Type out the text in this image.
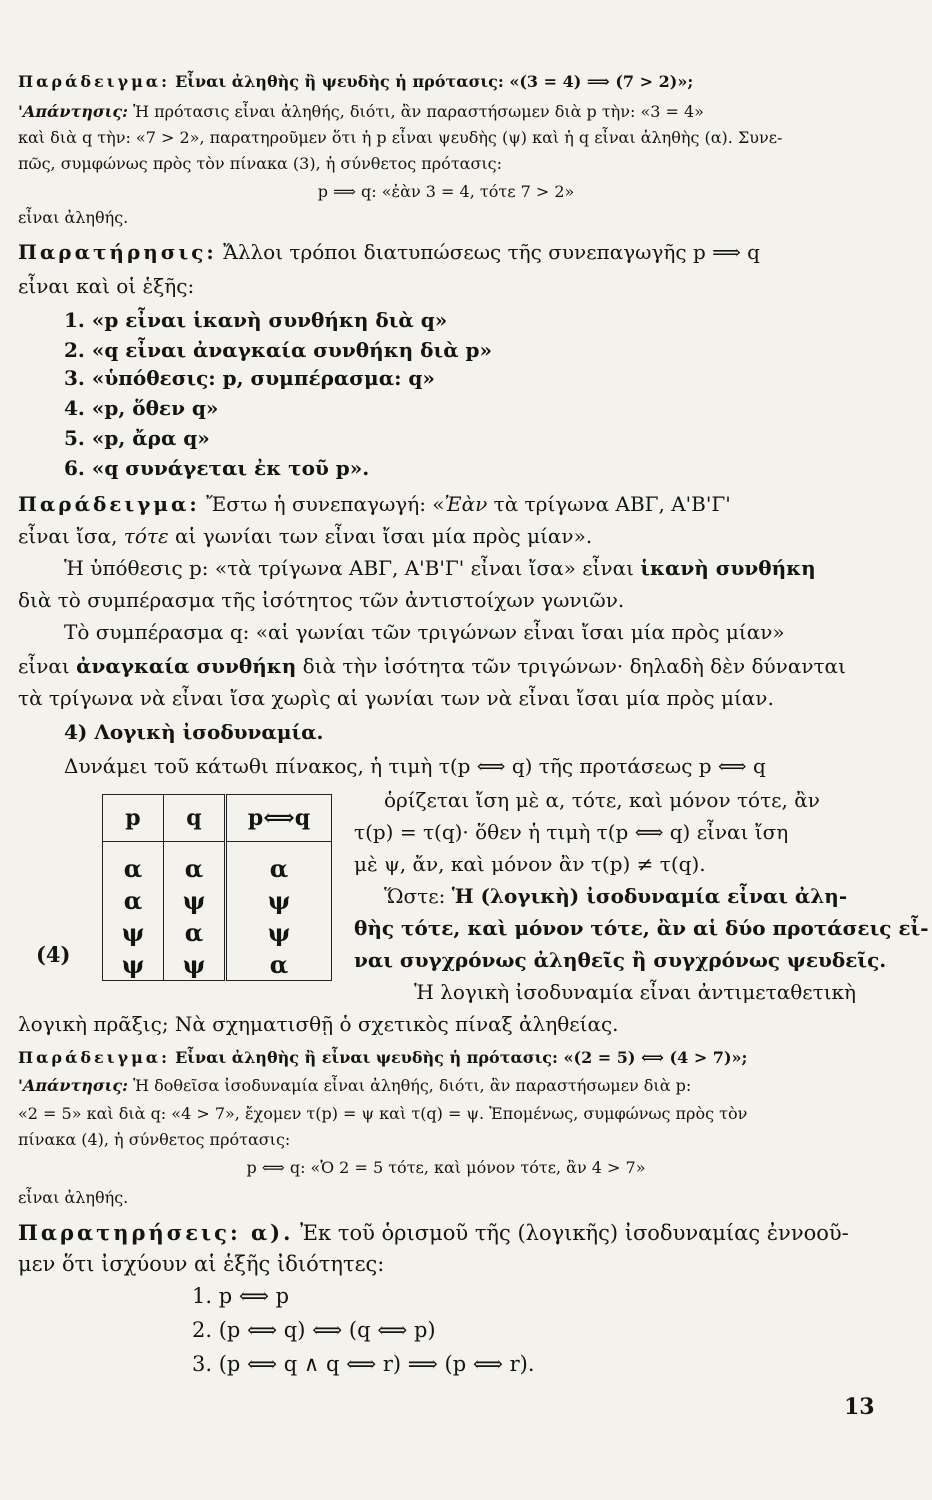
Παράδειγμα: Εἶναι ἀληθὴς ἢ ψευδὴς ἡ πρότασις: «(3 = 4) ⟹ (7 > 2)»;
'Απάντησις: Ἡ πρότασις εἶναι ἀληθής, διότι, ἂν παραστήσωμεν διὰ p τὴν: «3 = 4»
καὶ διὰ q τὴν: «7 > 2», παρατηροῦμεν ὅτι ἡ p εἶναι ψευδὴς (ψ) καὶ ἡ q εἶναι ἀληθὴς (α). Συνε-
πῶς, συμφώνως πρὸς τὸν πίνακα (3), ἡ σύνθετος πρότασις:
p ⟹ q: «ἐὰν 3 = 4, τότε 7 > 2»
εἶναι ἀληθής.
Παρατήρησις: Ἄλλοι τρόποι διατυπώσεως τῆς συνεπαγωγῆς p ⟹ q
εἶναι καὶ οἱ ἑξῆς:
1. «p εἶναι ἱκανὴ συνθήκη διὰ q»
2. «q εἶναι ἀναγκαία συνθήκη διὰ p»
3. «ὑπόθεσις: p, συμπέρασμα: q»
4. «p, ὅθεν q»
5. «p, ἄρα q»
6. «q συνάγεται ἐκ τοῦ p».
Παράδειγμα: Ἔστω ἡ συνεπαγωγή: «Ἐὰν τὰ τρίγωνα ΑΒΓ, Α'Β'Γ'
εἶναι ἴσα, τότε αἱ γωνίαι των εἶναι ἴσαι μία πρὸς μίαν».
Ἡ ὑπόθεσις p: «τὰ τρίγωνα ΑΒΓ, Α'Β'Γ' εἶναι ἴσα» εἶναι ἱκανὴ συνθήκη
διὰ τὸ συμπέρασμα τῆς ἰσότητος τῶν ἀντιστοίχων γωνιῶν.
Τὸ συμπέρασμα q: «αἱ γωνίαι τῶν τριγώνων εἶναι ἴσαι μία πρὸς μίαν»
εἶναι ἀναγκαία συνθήκη διὰ τὴν ἰσότητα τῶν τριγώνων· δηλαδὴ δὲν δύνανται
τὰ τρίγωνα νὰ εἶναι ἴσα χωρὶς αἱ γωνίαι των νὰ εἶναι ἴσαι μία πρὸς μίαν.
4) Λογικὴ ἰσοδυναμία.
Δυνάμει τοῦ κάτωθι πίνακος, ἡ τιμὴ τ(p ⟺ q) τῆς προτάσεως p ⟺ q
(4)
p	q	p⟺q
α	α	α
α	ψ	ψ
ψ	α	ψ
ψ	ψ	α
ὁρίζεται ἴση μὲ α, τότε, καὶ μόνον τότε, ἂν
τ(p) = τ(q)· ὅθεν ἡ τιμὴ τ(p ⟺ q) εἶναι ἴση
μὲ ψ, ἄν, καὶ μόνον ἂν τ(p) ≠ τ(q).
Ὥστε: Ἡ (λογικὴ) ἰσοδυναμία εἶναι ἀλη-
θὴς τότε, καὶ μόνον τότε, ἂν αἱ δύο προτάσεις εἶ-
ναι συγχρόνως ἀληθεῖς ἢ συγχρόνως ψευδεῖς.
Ἡ λογικὴ ἰσοδυναμία εἶναι ἀντιμεταθετικὴ
λογικὴ πρᾶξις; Νὰ σχηματισθῇ ὁ σχετικὸς πίναξ ἀληθείας.
Παράδειγμα: Εἶναι ἀληθὴς ἢ εἶναι ψευδὴς ἡ πρότασις: «(2 = 5) ⟺ (4 > 7)»;
'Απάντησις: Ἡ δοθεῖσα ἰσοδυναμία εἶναι ἀληθής, διότι, ἂν παραστήσωμεν διὰ p:
«2 = 5» καὶ διὰ q: «4 > 7», ἔχομεν τ(p) = ψ καὶ τ(q) = ψ. Ἑπομένως, συμφώνως πρὸς τὸν
πίνακα (4), ἡ σύνθετος πρότασις:
p ⟺ q: «Ὁ 2 = 5 τότε, καὶ μόνον τότε, ἂν 4 > 7»
εἶναι ἀληθής.
Παρατηρήσεις: α). Ἐκ τοῦ ὁρισμοῦ τῆς (λογικῆς) ἰσοδυναμίας ἐννοοῦ-
μεν ὅτι ἰσχύουν αἱ ἑξῆς ἰδιότητες:
1. p ⟺ p
2. (p ⟺ q) ⟺ (q ⟺ p)
3. (p ⟺ q ∧ q ⟺ r) ⟹ (p ⟺ r).
13
